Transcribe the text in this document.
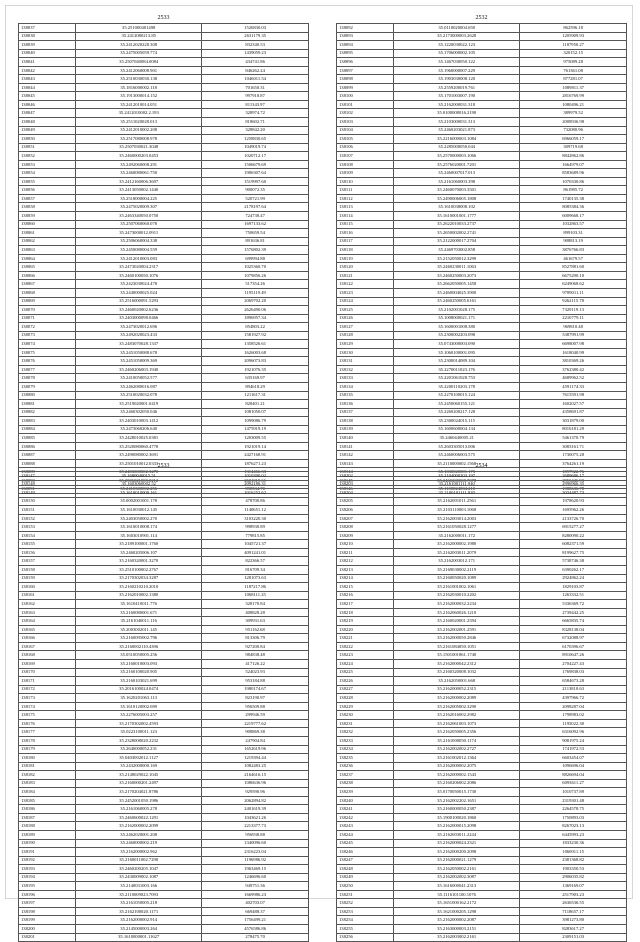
2533
138037	35.251000401498	1526830.03
138038	35.2412080213.85	2631179.35
138039	35.2412020228.308	832340.53
138040	35.2475005059.774	1439059.23
138041	35.2507040084.0084	434741.86
138042	35.2412060008.901	846262.24
138043	35.2510030030.138	1046011.54
138044	35.1816000002.118	701650.31
138045	35.1913000014.152	997918.87
138046	35.2412010014.051	811343.97
138047	35.2412010002.2.193	328974.72
138048	35.2511020028.013	818602.71
138049	35.2412010002.208	328842.20
138050	35.2517080008.978	1258830.65
138051	35.2507030021.3048	1049019.74
138052	35.2460000203.0453	1020712.17
138053	35.2492060008.291	1506679.69
138054	35.2460080061.750	1906307.64
138055	35.2412160006.3697	1519997.60
138056	35.2413050002.1440	900072.35
138057	35.2518000004.225	520721.99
138058	35.2475020009.307	2178197.64
138059	35.2463340050.0750	724738.47
138060	35.2507060060.078	1697133.62
138061	35.2473000012.0911	750659.54
138062	35.2506060004.338	891636.81
138063	35.2450080004.559	1576802.39
138064	35.2412010003.083	699994.88
138065	35.2473020004.2317	1025360.70
138066	35.2460100050.1076	1079856.26
138067	35.2423030024.478	517354.26
138068	35.2440000025.024	1195119.49
138069	35.2516000091.5293	2069702.20
138070	35.2460020002.6236	2626490.06
138071	35.2403000098.0466	1896957.34
138072	35.2473020012.696	854803.22
138073	35.2492020023.433	1581927.92
138074	35.2483070028.1337	1358526.61
138075	35.2451050088.678	1626003.68
138076	35.2451050009.369	2096073.83
138077	35.2460206003.1940	1921076.35
138078	35.2410050052.577	635169.97
138079	35.2462080016.087	894618.29
138080	35.2510020032.078	1211617.31
138081	35.2519020001.0419	828401.21
138082	35.2460302050.046	1081050.07
138083	35.2403010003.1412	1099086.79
138084	35.2473060206.640	1475919.19
138085	35.2428010025.0381	1203009.55
138086	35.2520080060.4778	1921019.14
138087	35.2490080002.3691	2427168.91
138088	35.2501010012.0333	1876271.23
138089	35.2403000002.3270	1314466.33
138090	35.2506021003.0212	2601019.61
138091	35.2410300002.256	990534.70
2532
138092	35.0110020004.658	862596.18
138093	35.2173000003.2628	1205909.93
138094	35.1220030022.123	1187950.27
138095	35.1706000002.105	320152.15
138096	35.1467030050.122	975089.28
138097	35.1960000007.229	761361.08
138098	35.1903030008.120	877281.07
138099	35.2559200019.761	1089811.37
138100	35.1701003007.190	2816769.99
138101	35.2162000031.318	1080496.21
138102	35.0100008016.2190	389979.52
138103	35.2103000031.313	2008936.98
138104	35.2460203021.873	732080.96
138105	35.2216000003.1084	6966059.17
138106	35.2285000050.044	309719.68
138107	35.2570000003.1066	8842862.86
138108	35.2576020001.7201	1664979.07
138109	35.2460007017.013	8583689.96
138110	35.2161060003.398	1070330.86
138111	35.2460070003.3501	861985.72
138112	35.2490006005.1808	1740135.38
138113	35.1610038008.102	8085384.36
138114	35.1610001001.1777	6009668.17
138115	35.2622010033.2737	1032863.57
138116	35.2650002002.2741	899103.31
138117	35.2122000017.2704	908813.19
138118	35.2469703002.858	3876766.83
138119	35.2152050012.3299	461679.57
138120	35.2460230011.1063	8527881.60
138121	35.2460250003.2073	6675290.10
138122	35.2662050005.1458	6249068.62
138123	35.2460004025.3900	9789011.11
138124	35.2460250005.6161	9262115.78
138125	35.2102001028.175	7329119.13
138126	35.1008000021.171	2210779.11
138127	35.1600001008.380	969810.48
138128	35.2300002203.098	5387991.99
138129	35.0743000003.090	6698007.98
138130	35.1060100001.095	1618040.99
138131	35.2300014089.104	3810369.26
138132	35.2270011023.176	3762380.42
138133	35.2201061028.753	4689962.52
138134	35.2200110203.178	4591174.33
138135	35.2270100015.124	7615591.98
138136	35.2450060155.121	1602027.57
138137	35.2260200217.128	4358691.87
138138	35.2300024015.115	3031879.00
138139	35.1600600004.134	8016181.29
138140	35.2460440005.21	5461370.79
138141	35.2603305013.006	3083161.71
138142	35.2460006003.575	1730075.28
138143	35.2110000002.1568	3764261.19
138144	35.1030020001.173	1897922.76
138145	35.2460200008.7078	2953446.93
138146	35.1100024004.210	1988636.78
2533
138147	35.1680040015.51	1010390.02
138148	35.1603060002.52	2092186.31
138149	35.1610010009.161	1016252.62
138150	35.0002001001.178	478700.86
138151	35.1610030012.145	1140651.12
138152	35.2403050002.270	3103220.30
138153	35.1610010008.174	998930.89
138154	35.1603010901.114	779815.85
138155	35.2189100001.1760	1045721.37
138156	35.2460205006.107	4091241.01
138157	35.2160320001.3270	822366.57
138158	35.2510100002.2767	816709.34
138159	35.2170302034.3287	1281073.63
138160	35.2160210210.2010	1187217.86
138161	35.2162010002.1380	1068111.25
138162	35.1610410011.776	328170.84
138163	35.2160080001.671	408828.28
138164	35.2161040011.116	309931.63
138165	35.2003002011.145	951162.68
138166	35.2160095002.796	813306.79
138167	35.2160002110.4396	927200.84
138168	35.0510050005.256	984838.48
138169	35.2160010003.093	417126.22
138170	35.2160100020.905	524023.93
138171	35.2160103021.699	953184.88
138172	35.2016100024.0474	1980174.67
138173	35.1620201063.113	823190.97
138174	35.1610120002.089	956509.88
138175	35.2276005003.257	299946.59
138176	35.2170302002.4593	2219777.62
138177	35.0223100011.123	908869.38
138178	35.2328008020.2232	247904.84
138179	35.2640000052.231	1652619.96
138180	35.0403002012.1127	1219394.44
138181	35.2432000000.169	1082483.25
138182	35.2148029022.1045	2164616.15
138183	35.2160000201.2497	1086636.96
138184	35.2170204021.8786	929590.96
138185	35.2452001050.1986	2062894.82
138186	35.2161060005.278	2401619.39
138187	35.2460600022.1291	1043621.26
138188	35.2162000002.2099	2213377.73
138189	35.2462020001.208	956938.88
138190	35.2460000002.219	1340096.60
138191	35.2162000002.962	2316223.04
138192	35.2160011002.7298	1196986.92
138193	35.2460200205.1047	1963469.15
138194	35.2430009002.1087	1246696.60
138195	35.2140031003.166	949751.36
138196	35.2110009023.7093	1669986.23
138197	35.2161050005.218	402703.07
138198	35.2162100020.1171	669488.37
138199	35.2162000002.914	1756499.21
138200	35.2145000003.264	4576586.86
138201	35.1610000001.11627	278475.70
2534
138202	35.2104000203.197	2689686.17
138203	35.2161001111.940	2996966.35
138204	35.2100101111.920	3034487.73
138205	35.2162001011.2561	1978620.93
138206	35.2103110003.1068	1695962.26
138207	35.2162003014.2003	2133726.70
138208	35.2161050028.1277	6915277.27
138209	35.2162000011.172	8280090.22
138210	35.2162000002.1980	6082371.59
138211	35.2162003011.2079	8199627.75
138212	35.2162003012.171	5738746.38
138213	35.2169030002.2119	6390262.17
138214	35.2160050020.1089	2924862.24
138215	35.2161001002.1061	1829103.87
138216	35.2162030010.2202	1263332.51
138217	35.2162000032.2234	5336369.72
138218	35.2162060026.1210	2739442.25
138219	35.2160020001.2594	6665835.74
138220	35.2162002001.2591	8328138.04
138221	35.2162000050.2846	6732088.97
138222	35.2161084850.1051	6170396.67
138223	35.1501001861.1740	8910647.26
138224	35.2162000042.2312	2704227.43
138225	35.2160320008.1032	1769838.03
138226	35.2162050001.668	6584673.28
138227	35.2162000052.2315	2113810.63
138228	35.2162000002.2089	4397966.72
138229	35.2162005002.3290	2098287.04
138230	35.2162016002.2982	1798983.02
138231	35.2162061003.1073	1195022.38
138232	35.2162050005.2356	6316092.96
138233	35.2161000050.1174	9081975.24
138234	35.2162002002.2727	1741972.53
138235	35.2161002012.1364	6603454.07
138236	35.2162000002.2075	1096696.04
138237	35.2162000002.1543	8826694.04
138238	35.2160206002.2086	6093611.27
138239	35.0170050015.1730	1010737.89
138240	35.2162002202.1651	2319301.48
138241	35.2160000050.2387	2264578.75
138242	35.1900100020.1860	1750893.03
138243	35.2162000015.2098	8267023.13
138244	35.2162003011.2244	6445993.23
138245	35.2162000024.2321	1833230.36
138246	35.2162000200.2098	1060011.15
138247	35.2162000021.1279	2381368.82
138248	35.2162050002.2161	1903350.53
138249	35.2162002002.3087	2906035.82
138250	35.1616000041.2313	1369169.07
138251	35.1116101100.1076	2517903.23
138252	35.1651000162.2172	2636536.55
138253	35.1621000205.1298	7118657.17
138254	35.2162000002.2087	3981273.80
138255	35.2163000003.2151	8283617.27
138256	35.2162003002.2161	2309151.03
